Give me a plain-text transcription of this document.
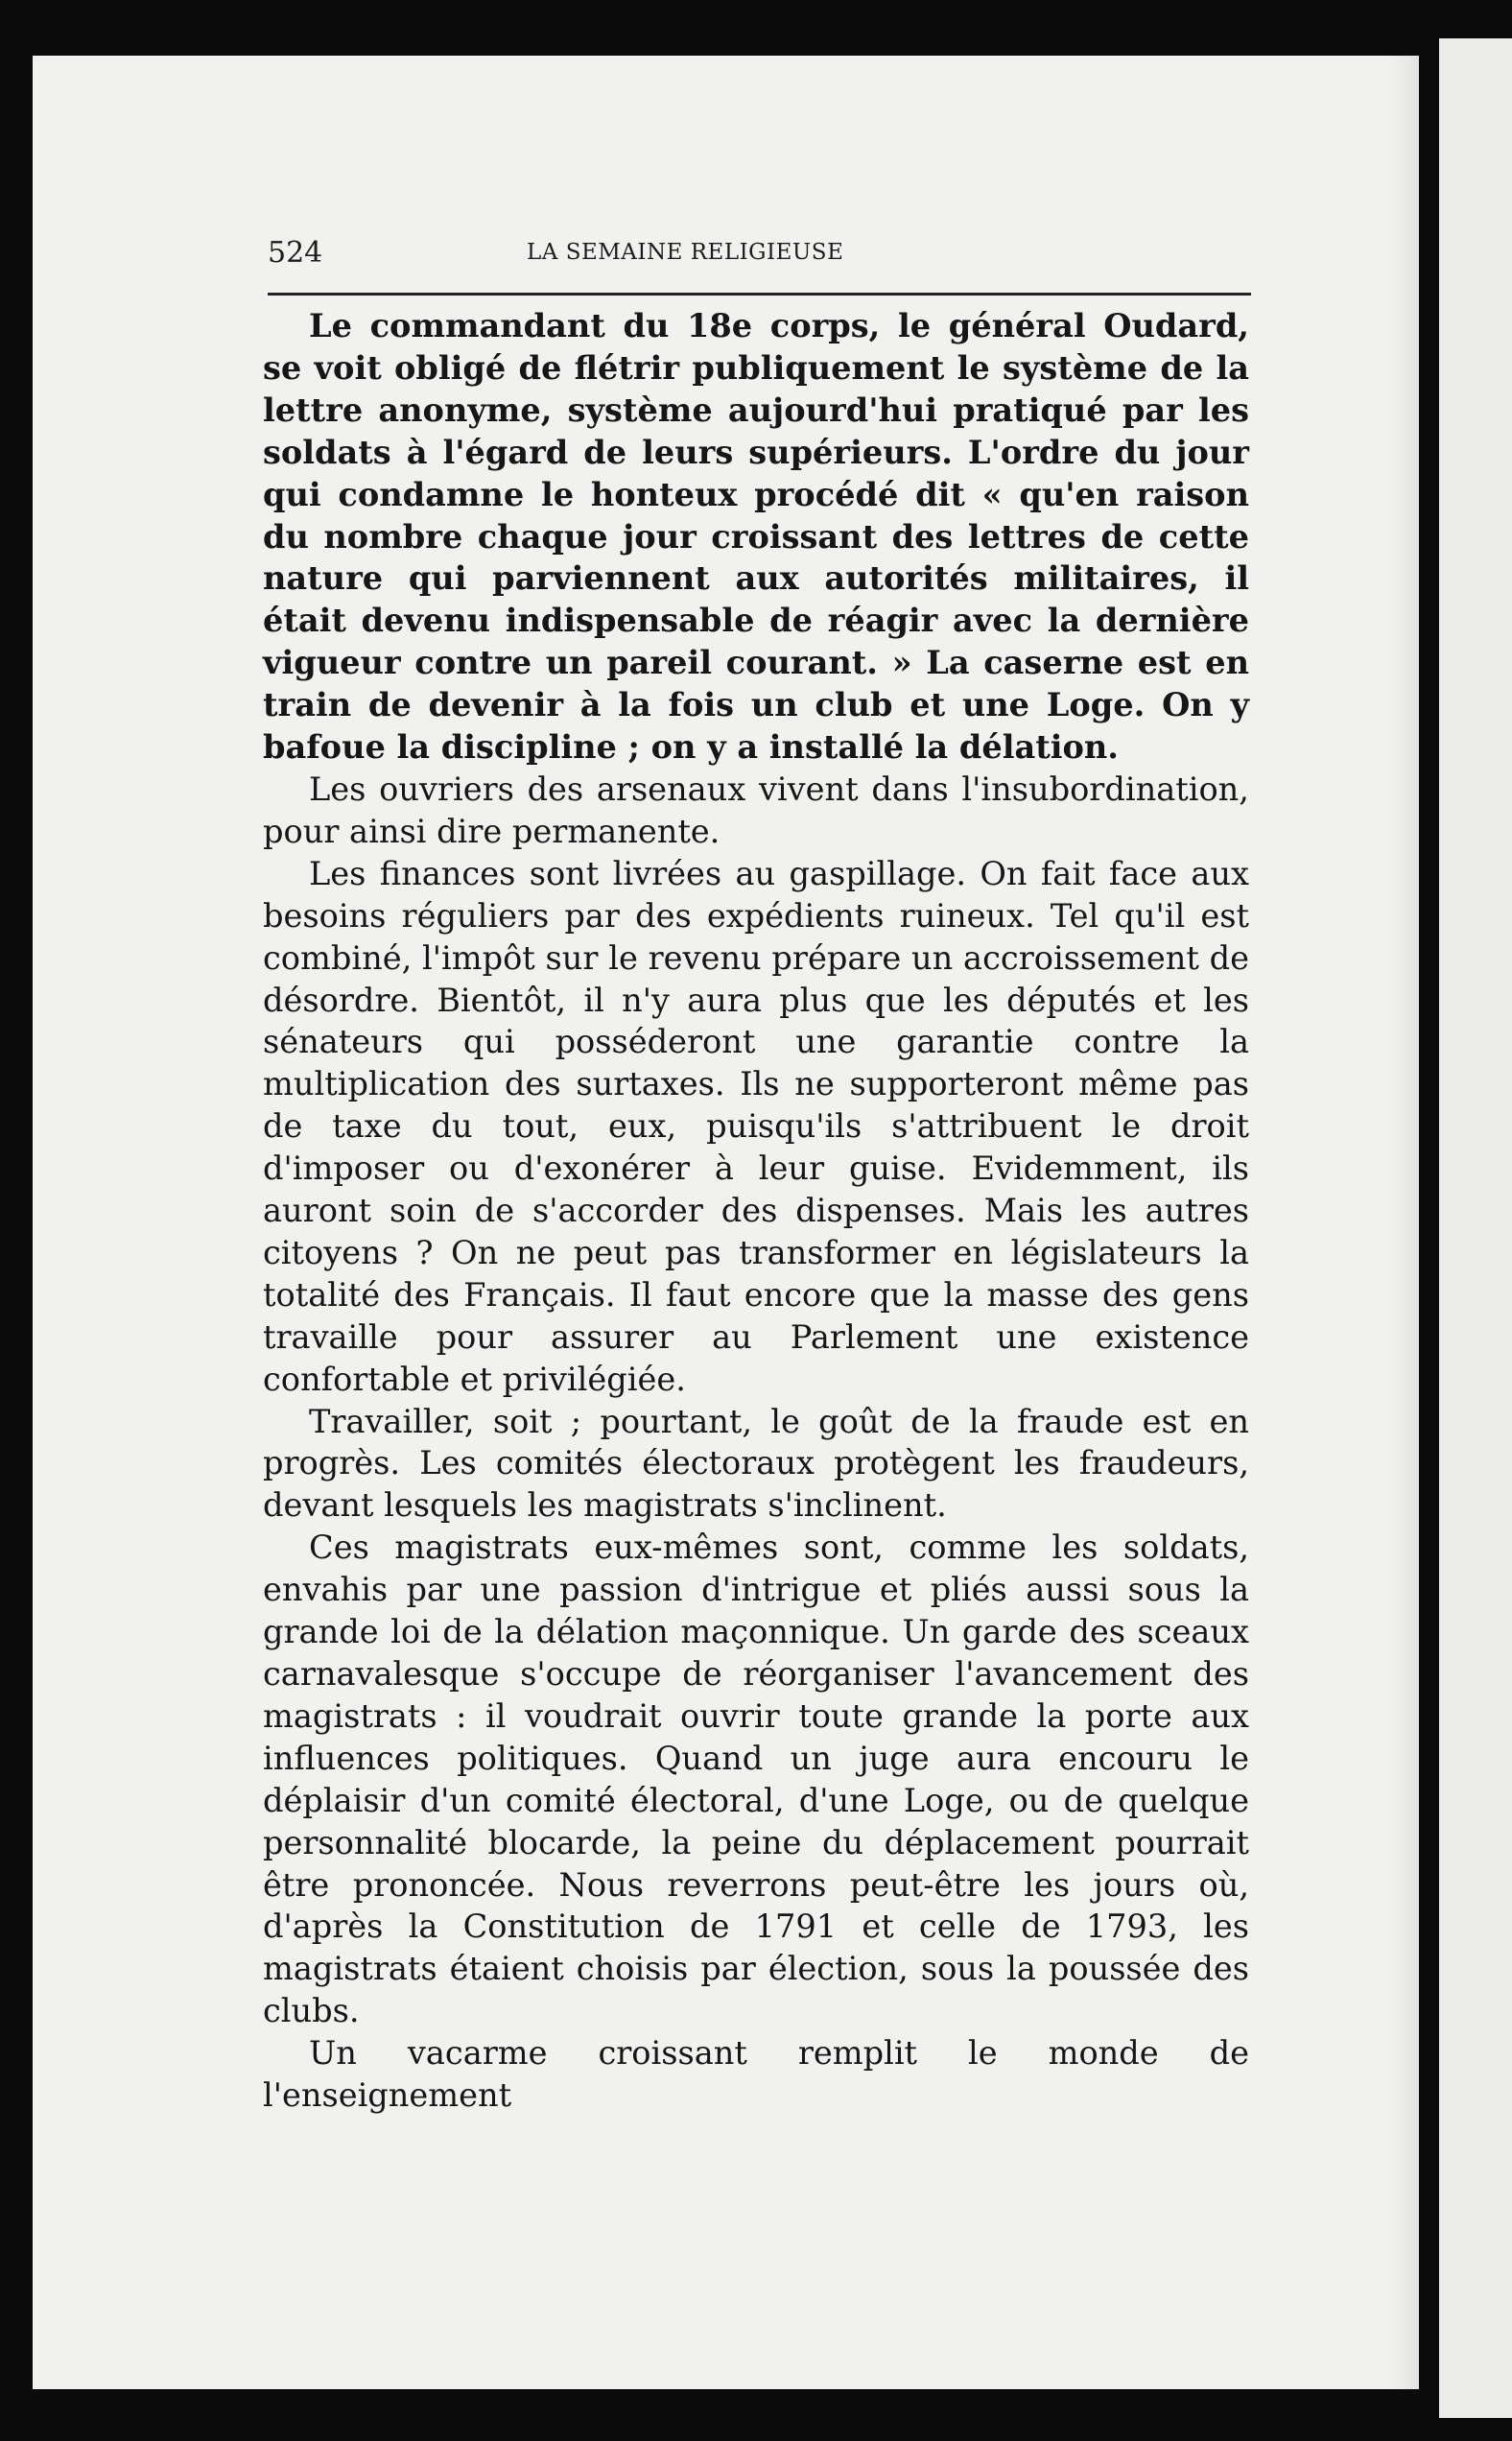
524	LA SEMAINE RELIGIEUSE

Le commandant du 18e corps, le général Oudard, se voit obligé de flétrir publiquement le système de la lettre anonyme, système aujourd'hui pratiqué par les soldats à l'égard de leurs supérieurs. L'ordre du jour qui condamne le honteux procédé dit « qu'en raison du nombre chaque jour croissant des lettres de cette nature qui parviennent aux autorités militaires, il était devenu indispensable de réagir avec la dernière vigueur contre un pareil courant. » La caserne est en train de devenir à la fois un club et une Loge. On y bafoue la discipline ; on y a installé la délation.

Les ouvriers des arsenaux vivent dans l'insubordination, pour ainsi dire permanente.

Les finances sont livrées au gaspillage. On fait face aux besoins réguliers par des expédients ruineux. Tel qu'il est combiné, l'impôt sur le revenu prépare un accroissement de désordre. Bientôt, il n'y aura plus que les députés et les sénateurs qui posséderont une garantie contre la multiplication des surtaxes. Ils ne supporteront même pas de taxe du tout, eux, puisqu'ils s'attribuent le droit d'imposer ou d'exonérer à leur guise. Evidemment, ils auront soin de s'accorder des dispenses. Mais les autres citoyens ? On ne peut pas transformer en législateurs la totalité des Français. Il faut encore que la masse des gens travaille pour assurer au Parlement une existence confortable et privilégiée.

Travailler, soit ; pourtant, le goût de la fraude est en progrès. Les comités électoraux protègent les fraudeurs, devant lesquels les magistrats s'inclinent.

Ces magistrats eux-mêmes sont, comme les soldats, envahis par une passion d'intrigue et pliés aussi sous la grande loi de la délation maçonnique. Un garde des sceaux carnavalesque s'occupe de réorganiser l'avancement des magistrats : il voudrait ouvrir toute grande la porte aux influences politiques. Quand un juge aura encouru le déplaisir d'un comité électoral, d'une Loge, ou de quelque personnalité blocarde, la peine du déplacement pourrait être prononcée. Nous reverrons peut-être les jours où, d'après la Constitution de 1791 et celle de 1793, les magistrats étaient choisis par élection, sous la poussée des clubs.

Un vacarme croissant remplit le monde de l'enseignement
